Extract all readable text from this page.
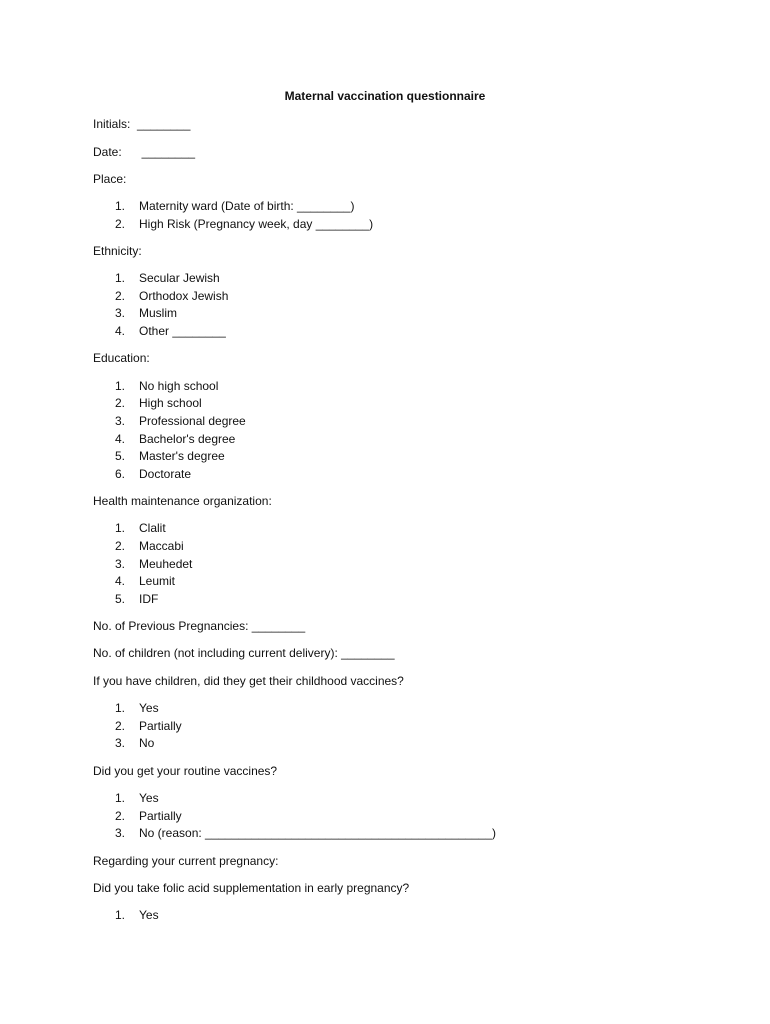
Maternal vaccination questionnaire
Initials:  ________
Date:      ________
Place:
1. Maternity ward (Date of birth: ________)
2. High Risk (Pregnancy week, day ________)
Ethnicity:
1. Secular Jewish
2. Orthodox Jewish
3. Muslim
4. Other ________
Education:
1. No high school
2. High school
3. Professional degree
4. Bachelor's degree
5. Master's degree
6. Doctorate
Health maintenance organization:
1. Clalit
2. Maccabi
3. Meuhedet
4. Leumit
5. IDF
No. of Previous Pregnancies: ________
No. of children (not including current delivery): ________
If you have children, did they get their childhood vaccines?
1. Yes
2. Partially
3. No
Did you get your routine vaccines?
1. Yes
2. Partially
3. No (reason: ___________________________________________)
Regarding your current pregnancy:
Did you take folic acid supplementation in early pregnancy?
1. Yes
